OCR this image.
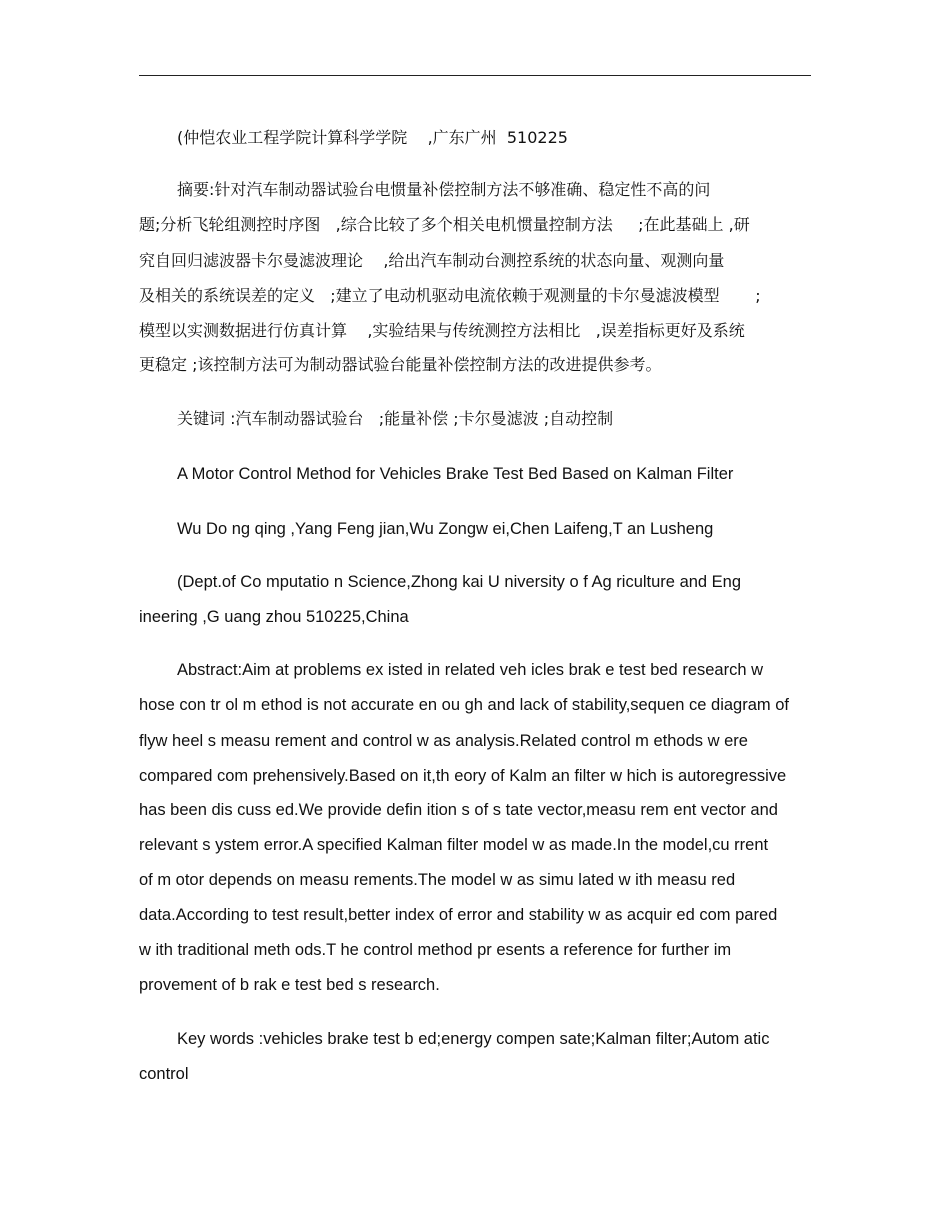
(仲恺农业工程学院计算科学学院    ,广东广州  510225
摘要:针对汽车制动器试验台电惯量补偿控制方法不够准确、稳定性不高的问
题;分析飞轮组测控时序图   ,综合比较了多个相关电机惯量控制方法     ;在此基础上 ,研
究自回归滤波器卡尔曼滤波理论    ,给出汽车制动台测控系统的状态向量、观测向量
及相关的系统误差的定义   ;建立了电动机驱动电流依赖于观测量的卡尔曼滤波模型       ;
模型以实测数据进行仿真计算    ,实验结果与传统测控方法相比   ,误差指标更好及系统
更稳定 ;该控制方法可为制动器试验台能量补偿控制方法的改进提供参考。
关键词 :汽车制动器试验台   ;能量补偿 ;卡尔曼滤波 ;自动控制
A Motor Control Method for Vehicles Brake Test Bed Based on Kalman Filter
Wu Do ng qing ,Yang Feng jian,Wu Zongw ei,Chen Laifeng,T an Lusheng
(Dept.of Co mputatio n Science,Zhong kai U niversity o f Ag riculture and Eng
ineering ,G uang zhou 510225,China
Abstract:Aim at problems ex isted in related veh icles brak e test bed research w
hose con tr ol m ethod is not accurate en ou gh and lack of stability,sequen ce diagram of
flyw heel s measu rement and control w as analysis.Related control m ethods w ere
compared com prehensively.Based on it,th eory of Kalm an filter w hich is autoregressive
has been dis cuss ed.We provide defin ition s of s tate vector,measu rem ent vector and
relevant s ystem error.A specified Kalman filter model w as made.In the model,cu rrent
of m otor depends on measu rements.The model w as simu lated w ith measu red
data.According to test result,better index of error and stability w as acquir ed com pared
w ith traditional meth ods.T he control method pr esents a reference for further im
provement of b rak e test bed s research.
Key words :vehicles brake test b ed;energy compen sate;Kalman filter;Autom atic
control
